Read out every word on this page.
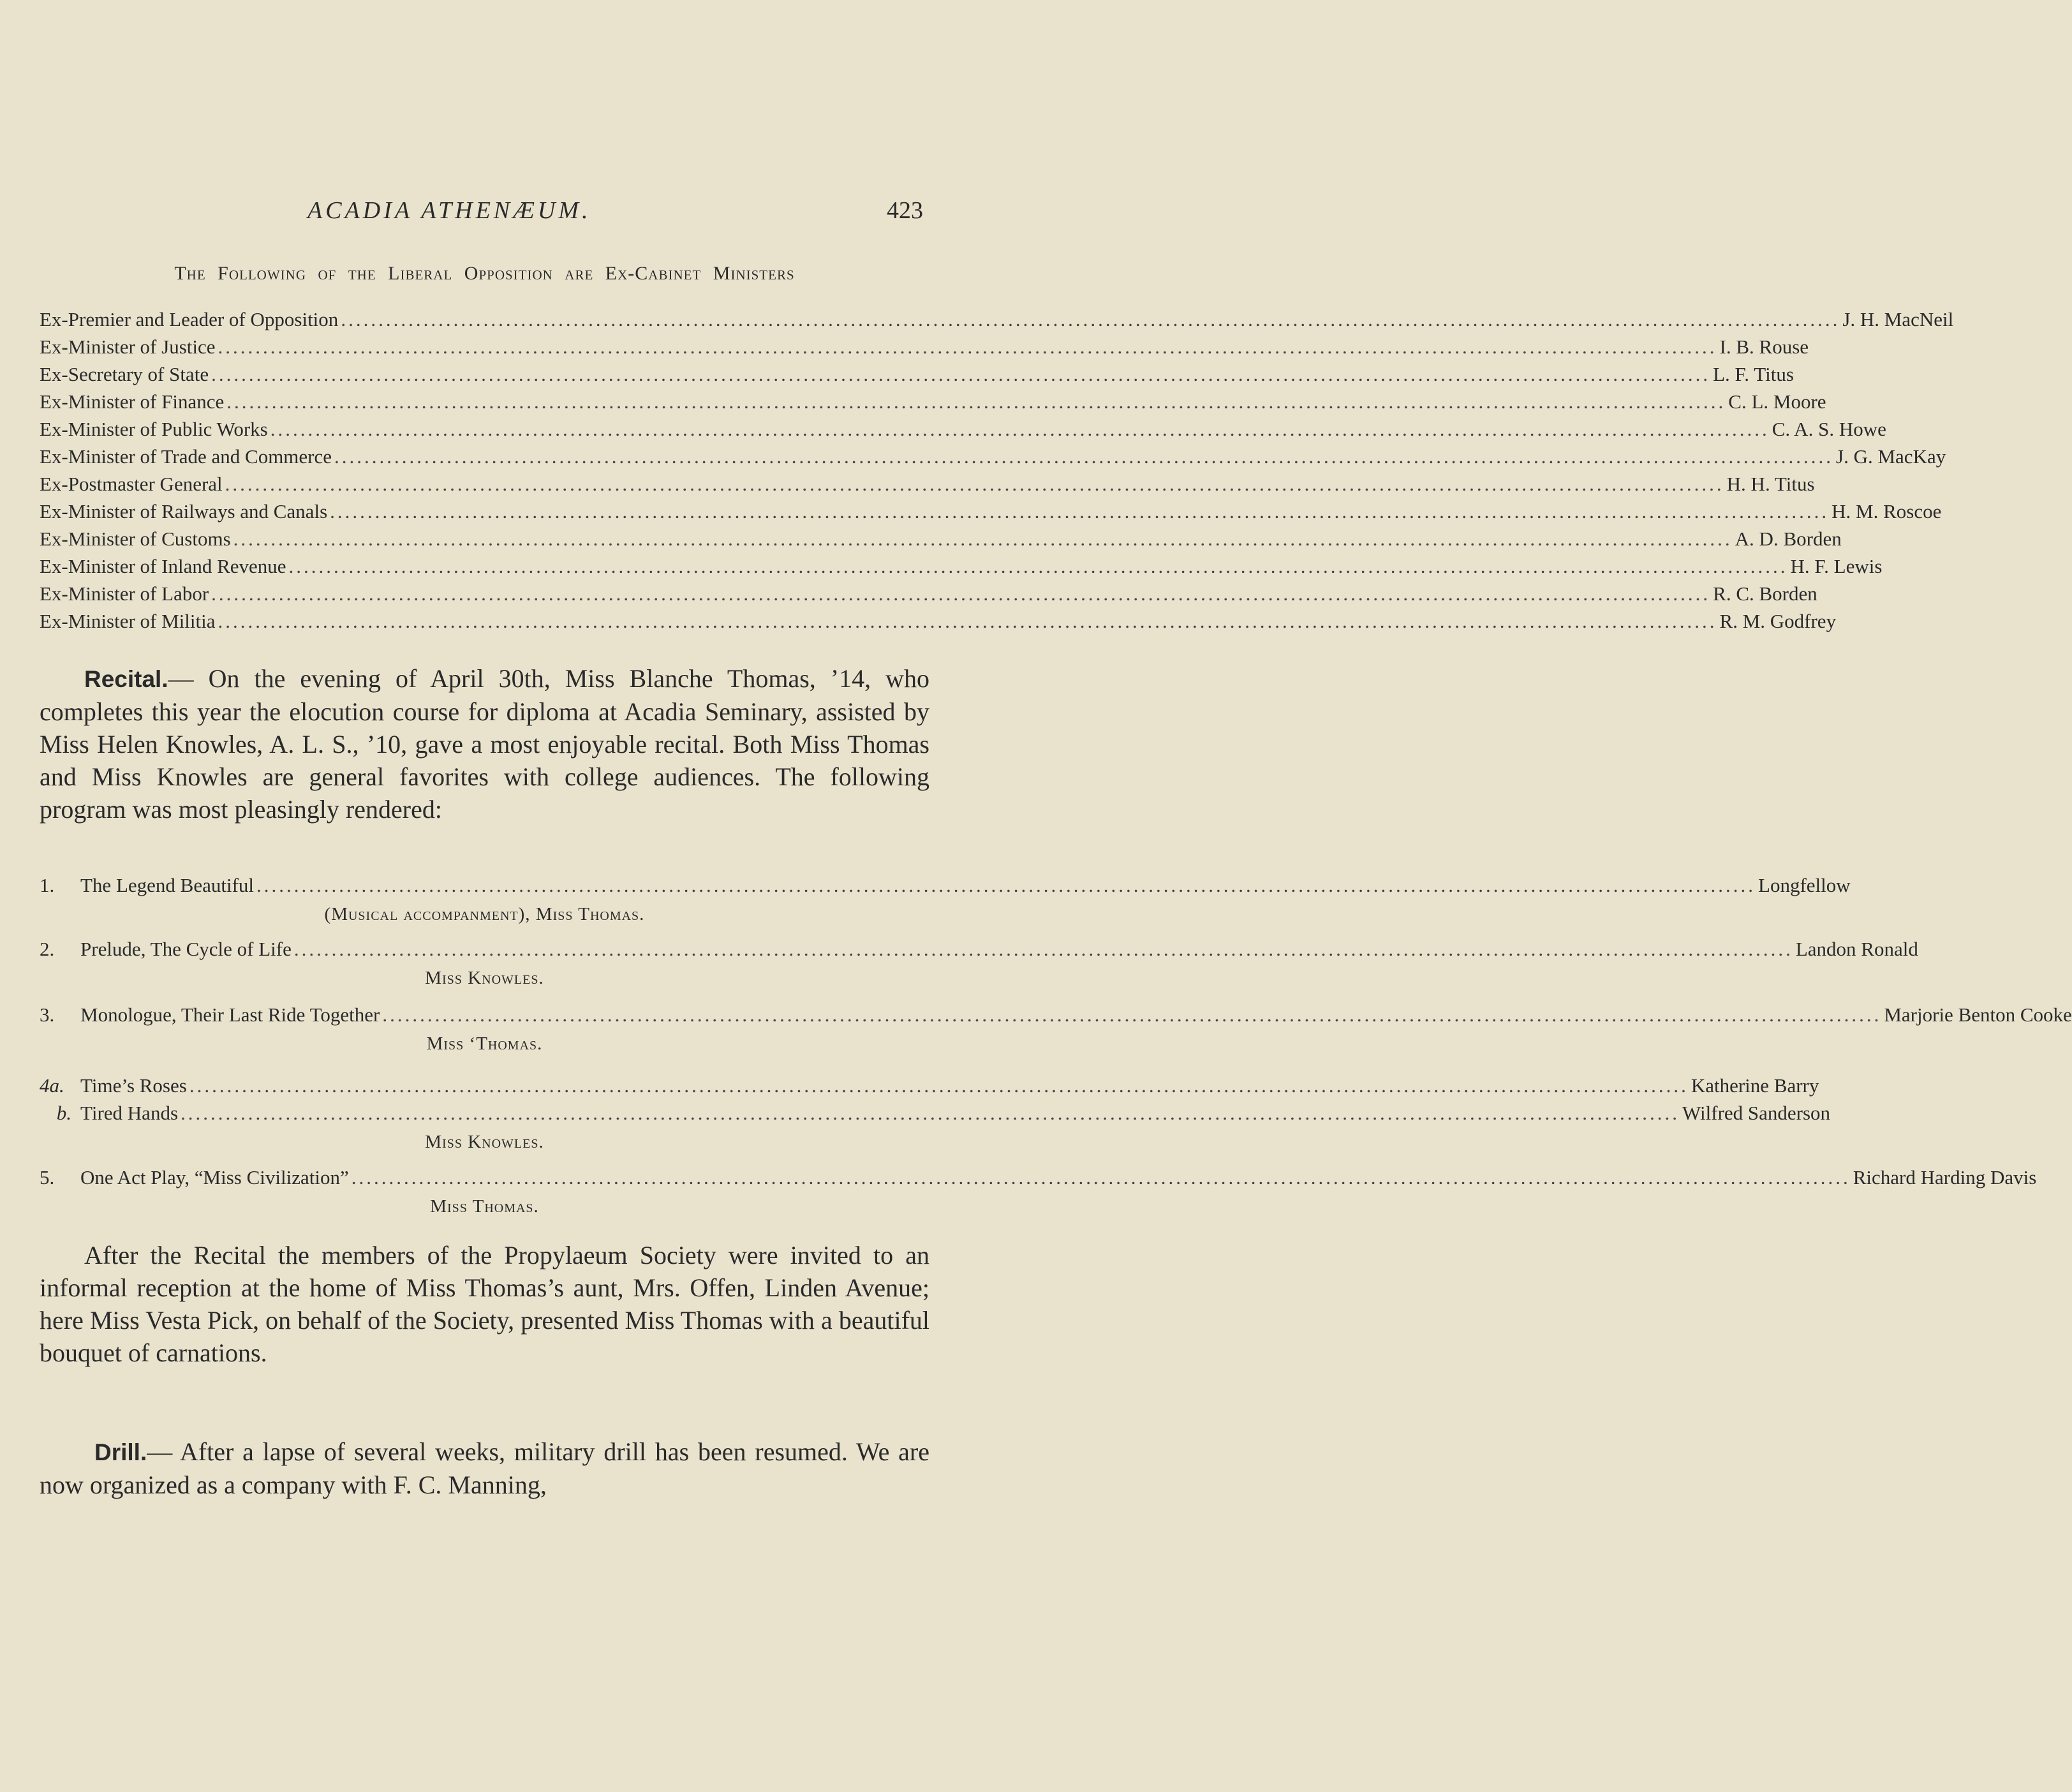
ACADIA ATHENÆUM.	423
The Following of the Liberal Opposition are Ex-Cabinet Ministers
Ex-Premier and Leader of Opposition ........................................................................................................................................................................................................ J. H. MacNeil
Ex-Minister of Justice ........................................................................................................................................................................................................ I. B. Rouse
Ex-Secretary of State ........................................................................................................................................................................................................ L. F. Titus
Ex-Minister of Finance ........................................................................................................................................................................................................ C. L. Moore
Ex-Minister of Public Works ........................................................................................................................................................................................................ C. A. S. Howe
Ex-Minister of Trade and Commerce ........................................................................................................................................................................................................ J. G. MacKay
Ex-Postmaster General ........................................................................................................................................................................................................ H. H. Titus
Ex-Minister of Railways and Canals ........................................................................................................................................................................................................ H. M. Roscoe
Ex-Minister of Customs ........................................................................................................................................................................................................ A. D. Borden
Ex-Minister of Inland Revenue ........................................................................................................................................................................................................ H. F. Lewis
Ex-Minister of Labor ........................................................................................................................................................................................................ R. C. Borden
Ex-Minister of Militia ........................................................................................................................................................................................................ R. M. Godfrey

Recital.— On the evening of April 30th, Miss Blanche Thomas, ’14, who completes this year the elocution course for diploma at Acadia Seminary, assisted by Miss Helen Knowles, A. L. S., ’10, gave a most enjoyable recital. Both Miss Thomas and Miss Knowles are general favorites with college audiences. The following program was most pleasingly rendered:

1. The Legend Beautiful ........................................................................................................................................................................................................ Longfellow
(Musical accompanment), Miss Thomas.
2. Prelude, The Cycle of Life ........................................................................................................................................................................................................ Landon Ronald
Miss Knowles.
3. Monologue, Their Last Ride Together ........................................................................................................................................................................................................ Marjorie Benton Cooke
Miss ‘Thomas.
4a. Time’s Roses ........................................................................................................................................................................................................ Katherine Barry
b. Tired Hands ........................................................................................................................................................................................................ Wilfred Sanderson
Miss Knowles.
5. One Act Play, “Miss Civilization” ........................................................................................................................................................................................................ Richard Harding Davis
Miss Thomas.

After the Recital the members of the Propylaeum Society were invited to an informal reception at the home of Miss Thomas’s aunt, Mrs. Offen, Linden Avenue; here Miss Vesta Pick, on behalf of the Society, presented Miss Thomas with a beautiful bouquet of carnations.

Drill.— After a lapse of several weeks, military drill has been resumed. We are now organized as a company with F. C. Manning,
